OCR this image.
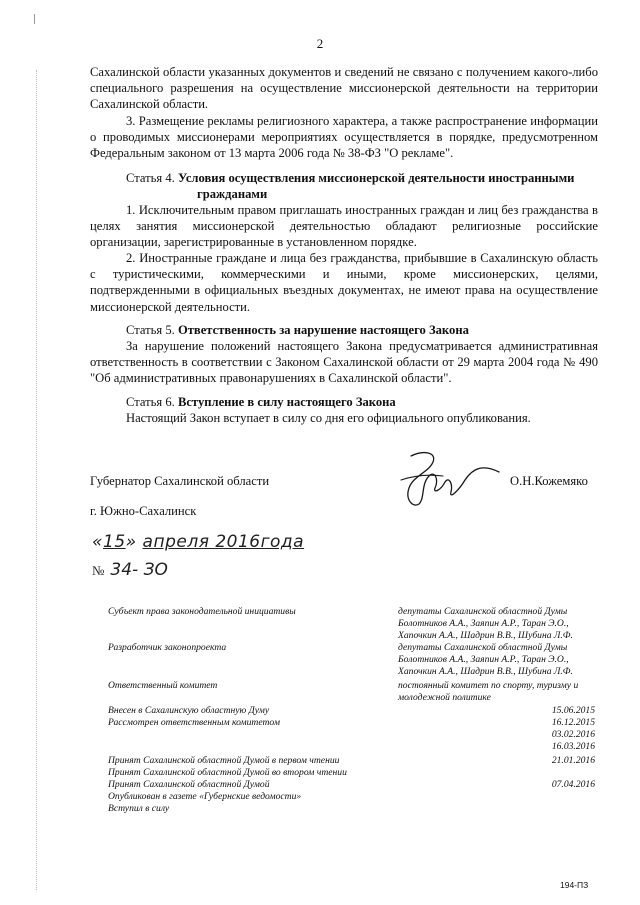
2
Сахалинской области указанных документов и сведений не связано с получением какого-либо специального разрешения на осуществление миссионерской деятельности на территории Сахалинской области.
3. Размещение рекламы религиозного характера, а также распространение информации о проводимых миссионерами мероприятиях осуществляется в порядке, предусмотренном Федеральным законом от 13 марта 2006 года № 38-ФЗ "О рекламе".
Статья 4. Условия осуществления миссионерской деятельности иностранными
гражданами
1. Исключительным правом приглашать иностранных граждан и лиц без гражданства в целях занятия миссионерской деятельностью обладают религиозные российские организации, зарегистрированные в установленном порядке.
2. Иностранные граждане и лица без гражданства, прибывшие в Сахалинскую область с туристическими, коммерческими и иными, кроме миссионерских, целями, подтвержденными в официальных въездных документах, не имеют права на осуществление миссионерской деятельности.
Статья 5. Ответственность за нарушение настоящего Закона
За нарушение положений настоящего Закона предусматривается административная ответственность в соответствии с Законом Сахалинской области от 29 марта 2004 года № 490 "Об административных правонарушениях в Сахалинской области".
Статья 6. Вступление в силу настоящего Закона
Настоящий Закон вступает в силу со дня его официального опубликования.
Губернатор Сахалинской области	О.Н.Кожемяко
г. Южно-Сахалинск
«15» апреля 2016года
№ 34- ЗО
Субъект права законодательной инициативы	депутаты Сахалинской областной Думы Болотников А.А., Заяпин А.Р., Таран Э.О., Хапочкин А.А., Шадрин В.В., Шубина Л.Ф.
Разработчик законопроекта	депутаты Сахалинской областной Думы Болотников А.А., Заяпин А.Р., Таран Э.О., Хапочкин А.А., Шадрин В.В., Шубина Л.Ф.
Ответственный комитет	постоянный комитет по спорту, туризму и молодежной политике
Внесен в Сахалинскую областную Думу	15.06.2015
Рассмотрен ответственным комитетом	16.12.2015
03.02.2016
16.03.2016
Принят Сахалинской областной Думой в первом чтении	21.01.2016
Принят Сахалинской областной Думой во втором чтении
Принят Сахалинской областной Думой	07.04.2016
Опубликован в газете «Губернские ведомости»
Вступил в силу
194-ПЗ
